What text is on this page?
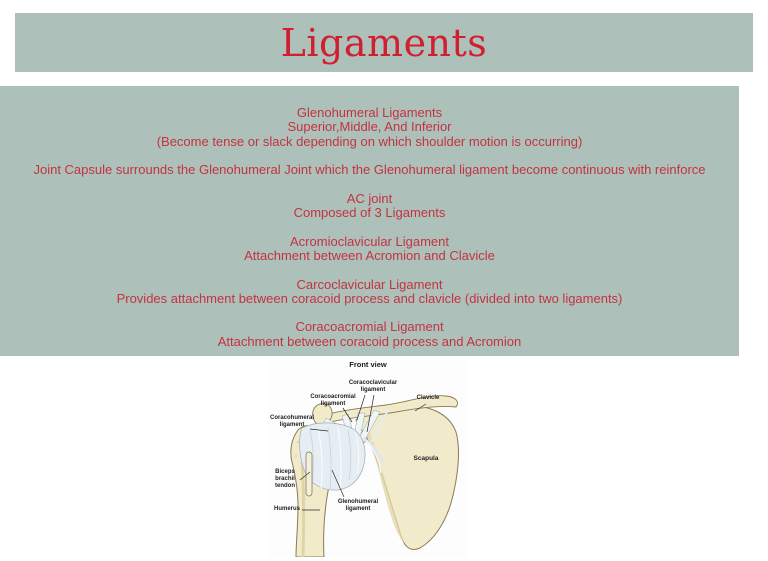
Ligaments
Glenohumeral Ligaments
Superior,Middle, And Inferior
(Become tense or slack depending on which shoulder motion is occurring)
Joint Capsule surrounds the Glenohumeral Joint which the Glenohumeral ligament become continuous with reinforce
AC joint
Composed of 3 Ligaments
Acromioclavicular Ligament
Attachment between Acromion and Clavicle
Carcoclavicular Ligament
Provides attachment between coracoid process and clavicle (divided into two ligaments)
Coracoacromial Ligament
Attachment between coracoid process and Acromion
Front view
Coracoclavicular
ligament
Coracoacromial
ligament
Clavicle
Coracohumeral
ligament
Biceps
brachii
tendon
Humerus
Glenohumeral
ligament
Scapula
